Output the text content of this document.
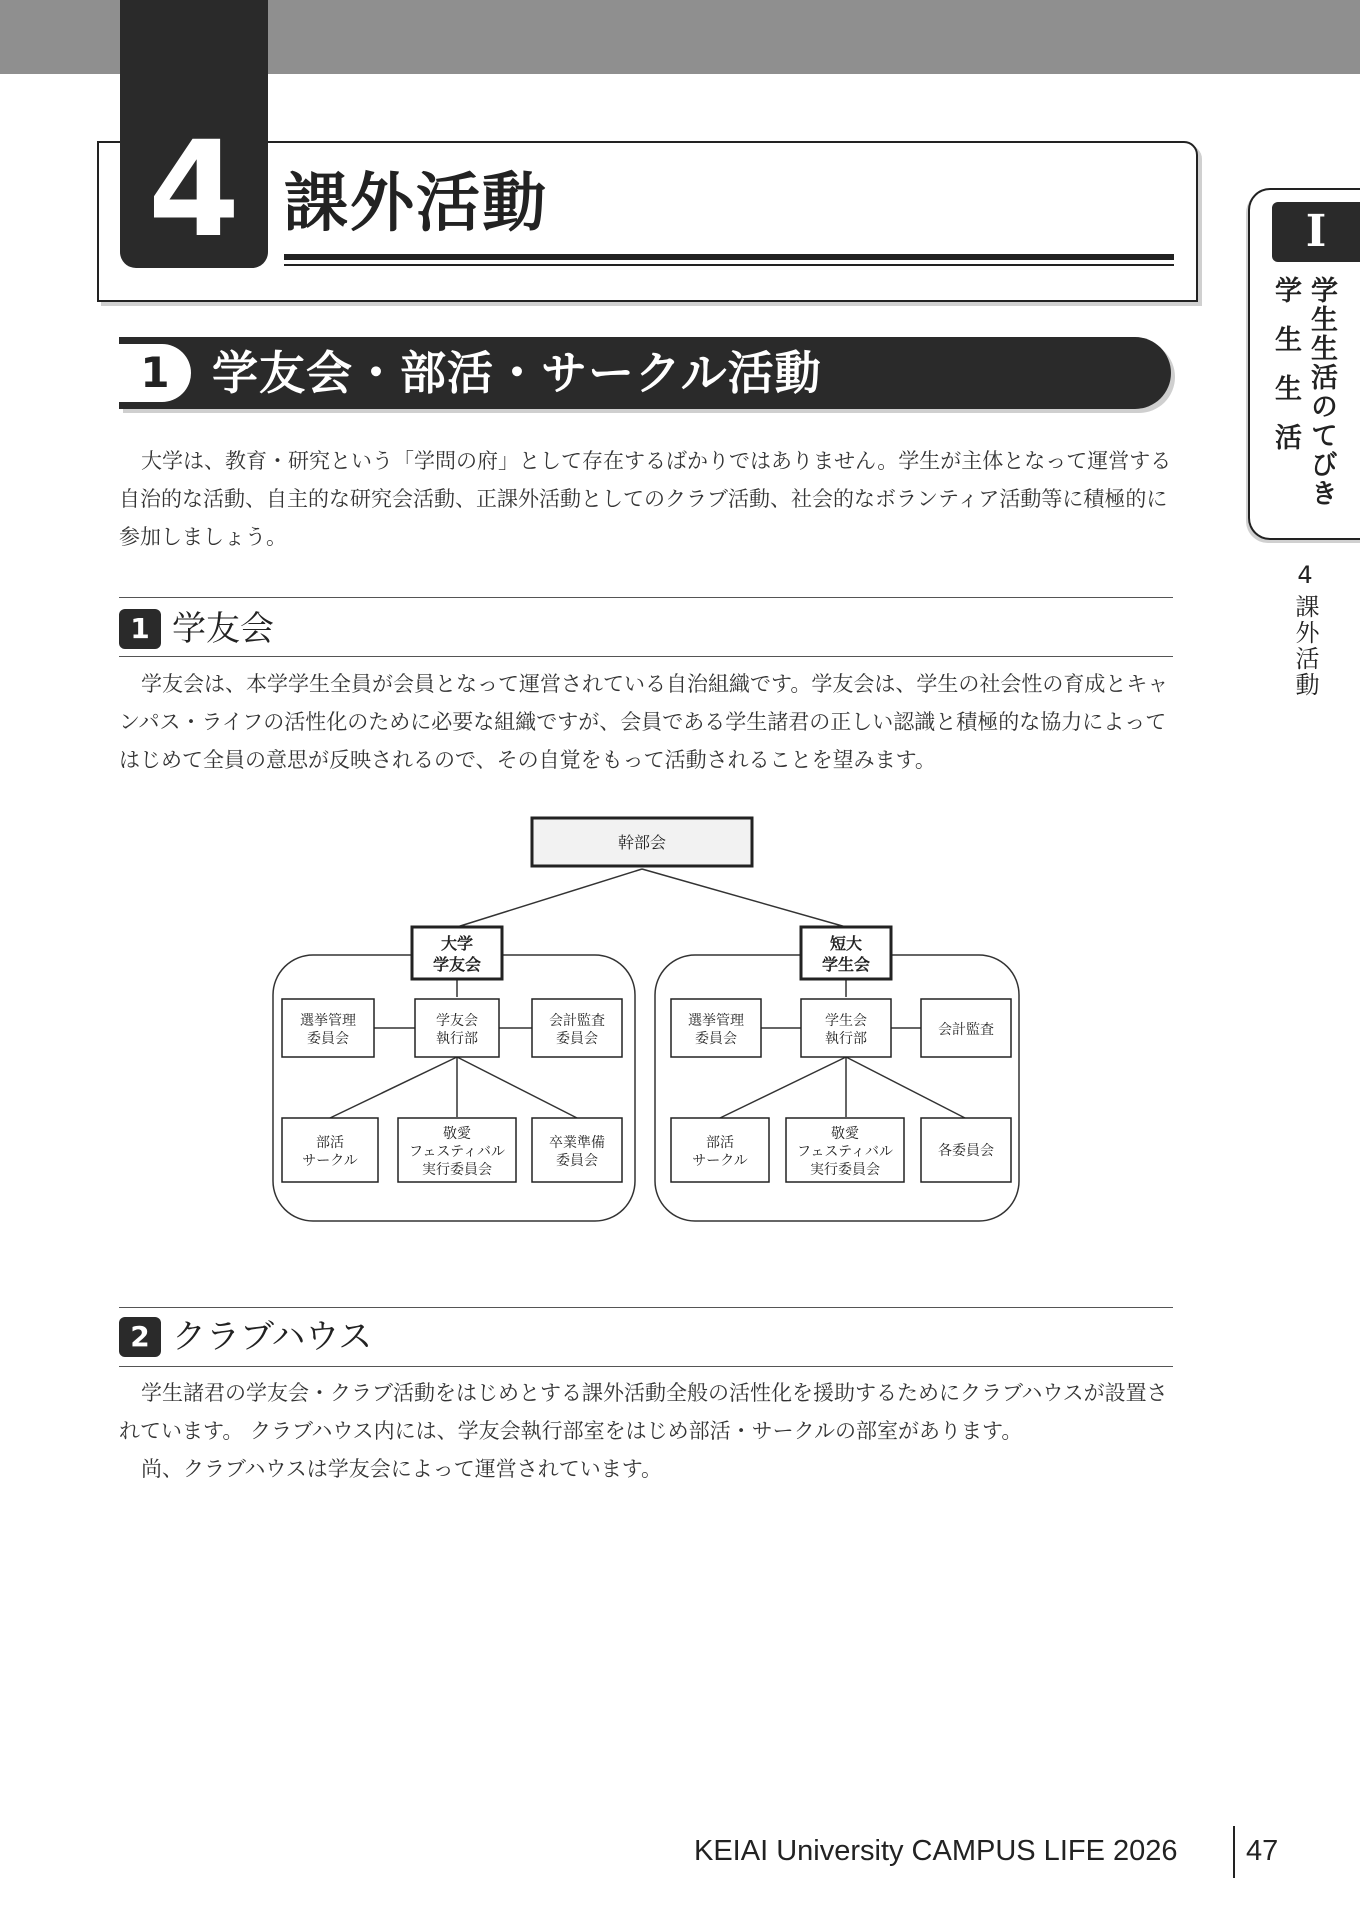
4 課外活動	I
学生生活のてびき
学生生活
4
課外活動
1 学友会・部活・サークル活動
大学は、教育・研究という「学問の府」として存在するばかりではありません。学生が主体となって運営する自治的な活動、自主的な研究会活動、正課外活動としてのクラブ活動、社会的なボランティア活動等に積極的に参加しましょう。
1 学友会
学友会は、本学学生全員が会員となって運営されている自治組織です。学友会は、学生の社会性の育成とキャンパス・ライフの活性化のために必要な組織ですが、会員である学生諸君の正しい認識と積極的な協力によってはじめて全員の意思が反映されるので、その自覚をもって活動されることを望みます。
幹部会
大学
学友会
短大
学生会
選挙管理
委員会
学友会
執行部
会計監査
委員会
部活
サークル
敬愛
フェスティバル
実行委員会
卒業準備
委員会
選挙管理
委員会
学生会
執行部
会計監査
部活
サークル
敬愛
フェスティバル
実行委員会
各委員会
2 クラブハウス

学生諸君の学友会・クラブ活動をはじめとする課外活動全般の活性化を援助するためにクラブハウスが設置されています。 クラブハウス内には、学友会執行部室をはじめ部活・サークルの部室があります。

尚、クラブハウスは学友会によって運営されています。

KEIAI University CAMPUS LIFE 2026 47
